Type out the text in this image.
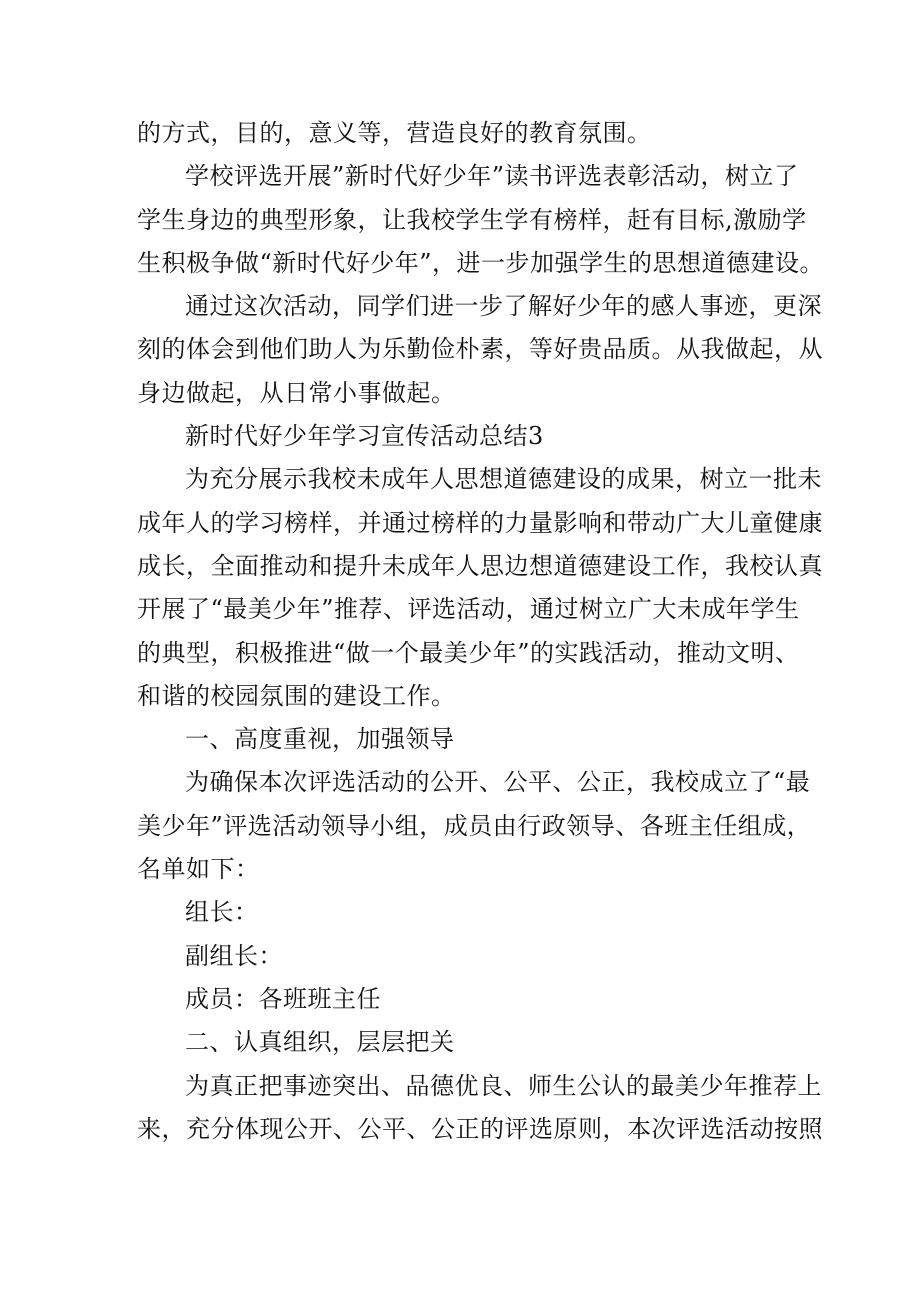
的方式，目的，意义等，营造良好的教育氛围。
学校评选开展”新时代好少年”读书评选表彰活动，树立了
学生身边的典型形象，让我校学生学有榜样，赶有目标,激励学
生积极争做“新时代好少年”，进一步加强学生的思想道德建设。
通过这次活动，同学们进一步了解好少年的感人事迹，更深
刻的体会到他们助人为乐勤俭朴素，等好贵品质。从我做起，从
身边做起，从日常小事做起。
新时代好少年学习宣传活动总结3
为充分展示我校未成年人思想道德建设的成果，树立一批未
成年人的学习榜样，并通过榜样的力量影响和带动广大儿童健康
成长，全面推动和提升未成年人思边想道德建设工作，我校认真
开展了“最美少年”推荐、评选活动，通过树立广大未成年学生
的典型，积极推进“做一个最美少年”的实践活动，推动文明、
和谐的校园氛围的建设工作。
一、高度重视，加强领导
为确保本次评选活动的公开、公平、公正，我校成立了“最
美少年”评选活动领导小组，成员由行政领导、各班主任组成，
名单如下：
组长：
副组长：
成员：各班班主任
二、认真组织，层层把关
为真正把事迹突出、品德优良、师生公认的最美少年推荐上
来，充分体现公开、公平、公正的评选原则，本次评选活动按照
